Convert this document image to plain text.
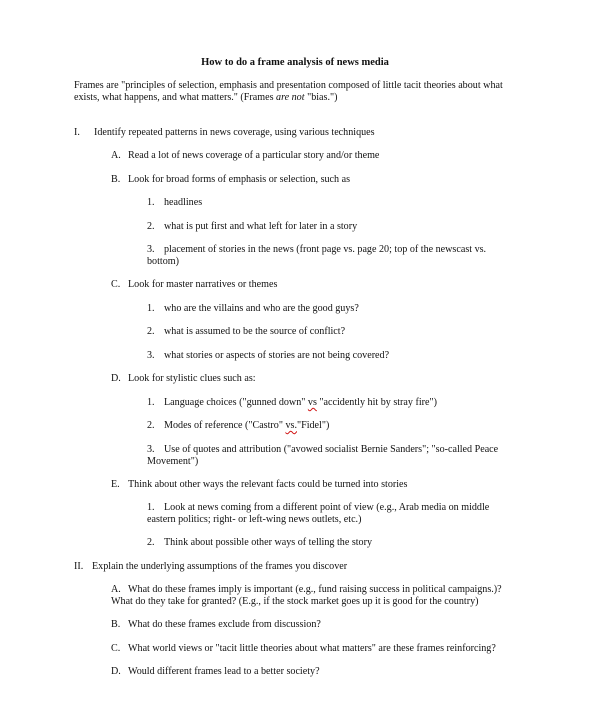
How to do a frame analysis of news media
Frames are "principles of selection, emphasis and presentation composed of little tacit theories about what exists, what happens, and what matters." (Frames are not "bias.")
I. Identify repeated patterns in news coverage, using various techniques
A. Read a lot of news coverage of a particular story and/or theme
B. Look for broad forms of emphasis or selection, such as
1. headlines
2. what is put first and what left for later in a story
3. placement of stories in the news (front page vs. page 20; top of the newscast vs. bottom)
C. Look for master narratives or themes
1. who are the villains and who are the good guys?
2. what is assumed to be the source of conflict?
3. what stories or aspects of stories are not being covered?
D. Look for stylistic clues such as:
1. Language choices ("gunned down" vs "accidently hit by stray fire")
2. Modes of reference ("Castro" vs."Fidel")
3. Use of quotes and attribution ("avowed socialist Bernie Sanders"; "so-called Peace Movement")
E. Think about other ways the relevant facts could be turned into stories
1. Look at news coming from a different point of view (e.g., Arab media on middle eastern politics; right- or left-wing news outlets, etc.)
2. Think about possible other ways of telling the story
II. Explain the underlying assumptions of the frames you discover
A. What do these frames imply is important (e.g., fund raising success in political campaigns.)? What do they take for granted? (E.g., if the stock market goes up it is good for the country)
B. What do these frames exclude from discussion?
C. What world views or "tacit little theories about what matters" are these frames reinforcing?
D. Would different frames lead to a better society?
